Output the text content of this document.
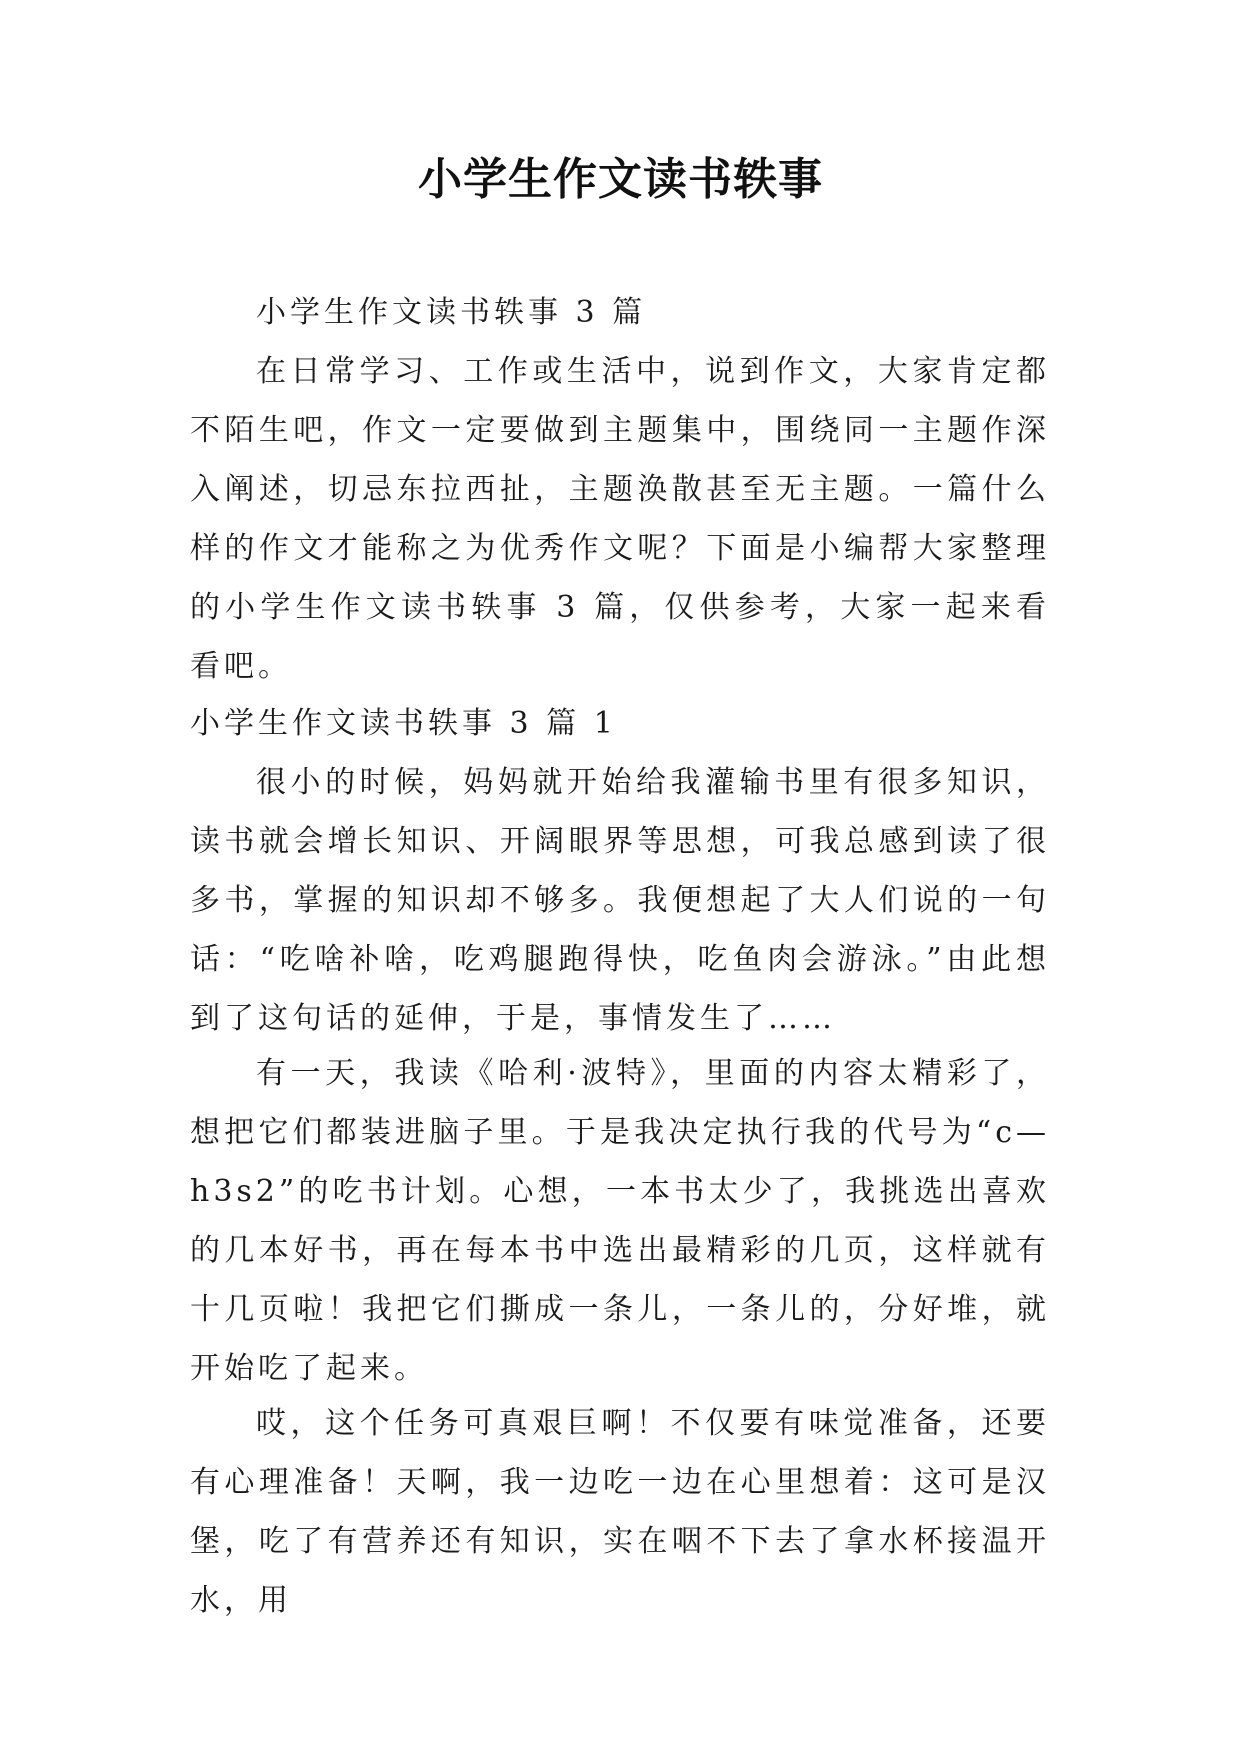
小学生作文读书轶事

小学生作文读书轶事 3 篇

在日常学习、工作或生活中，说到作文，大家肯定都不陌生吧，作文一定要做到主题集中，围绕同一主题作深入阐述，切忌东拉西扯，主题涣散甚至无主题。一篇什么样的作文才能称之为优秀作文呢？下面是小编帮大家整理的小学生作文读书轶事 3 篇，仅供参考，大家一起来看看吧。

小学生作文读书轶事 3 篇 1

很小的时候，妈妈就开始给我灌输书里有很多知识，读书就会增长知识、开阔眼界等思想，可我总感到读了很多书，掌握的知识却不够多。我便想起了大人们说的一句话：“吃啥补啥，吃鸡腿跑得快，吃鱼肉会游泳。”由此想到了这句话的延伸，于是，事情发生了……

有一天，我读《哈利·波特》，里面的内容太精彩了，想把它们都装进脑子里。于是我决定执行我的代号为“c—h3s2”的吃书计划。心想，一本书太少了，我挑选出喜欢的几本好书，再在每本书中选出最精彩的几页，这样就有十几页啦！我把它们撕成一条儿，一条儿的，分好堆，就开始吃了起来。

哎，这个任务可真艰巨啊！不仅要有味觉准备，还要有心理准备！天啊，我一边吃一边在心里想着：这可是汉堡，吃了有营养还有知识，实在咽不下去了拿水杯接温开水，用
